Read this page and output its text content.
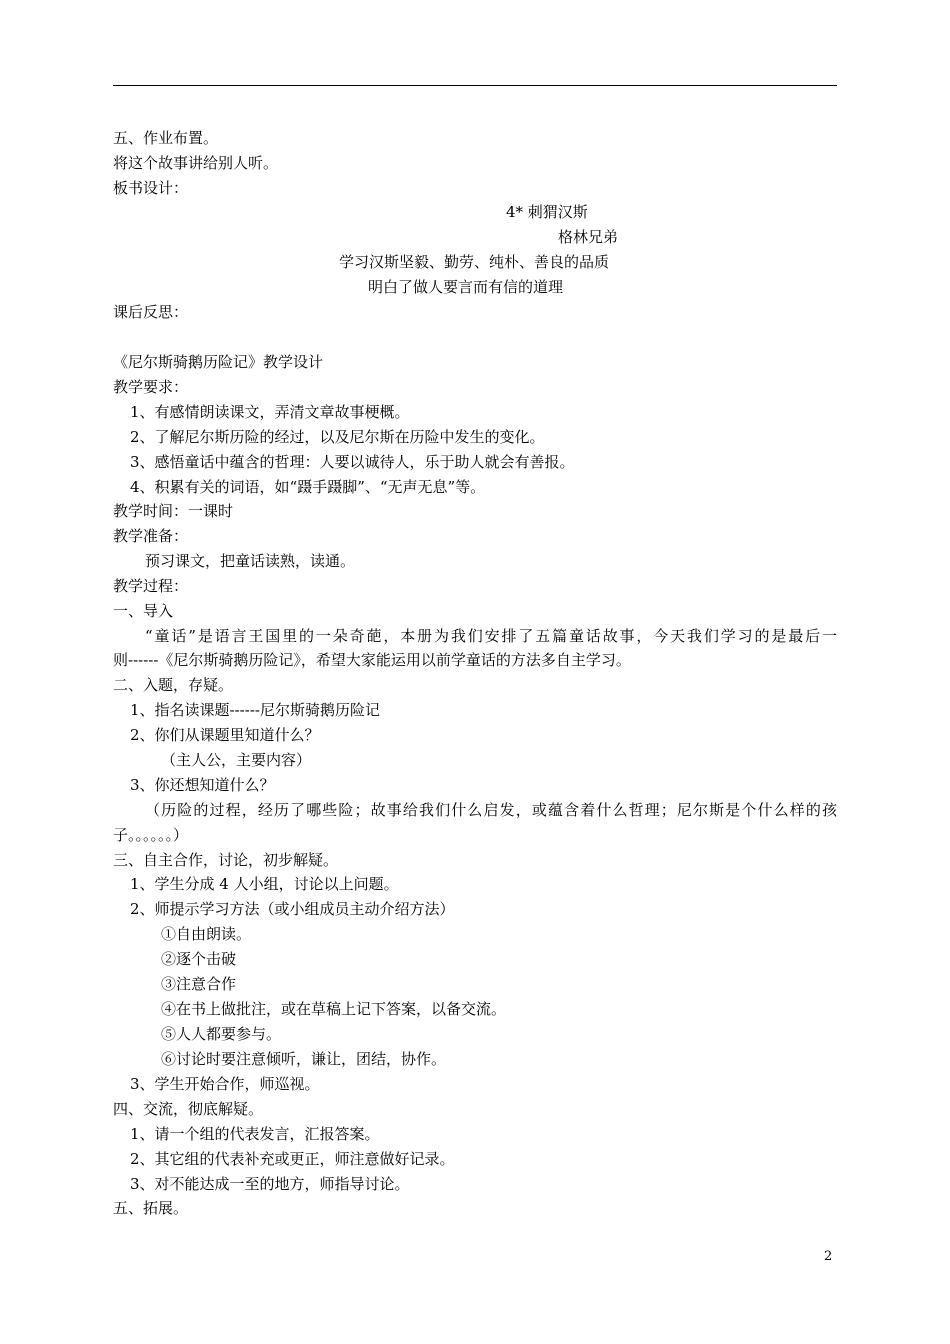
五、作业布置。
将这个故事讲给别人听。
板书设计：
4* 刺猬汉斯
格林兄弟
学习汉斯坚毅、勤劳、纯朴、善良的品质
明白了做人要言而有信的道理
课后反思：
《尼尔斯骑鹅历险记》教学设计
教学要求：
1、有感情朗读课文，弄清文章故事梗概。
2、了解尼尔斯历险的经过，以及尼尔斯在历险中发生的变化。
3、感悟童话中蕴含的哲理：人要以诚待人，乐于助人就会有善报。
4、积累有关的词语，如“蹑手蹑脚”、“无声无息”等。
教学时间：一课时
教学准备：
预习课文，把童话读熟，读通。
教学过程：
一、导入
“童话”是语言王国里的一朵奇葩，本册为我们安排了五篇童话故事，今天我们学习的是最后一
则------《尼尔斯骑鹅历险记》，希望大家能运用以前学童话的方法多自主学习。
二、入题，存疑。
1、指名读课题------尼尔斯骑鹅历险记
2、你们从课题里知道什么？
（主人公，主要内容）
3、你还想知道什么？
（历险的过程，经历了哪些险；故事给我们什么启发，或蕴含着什么哲理；尼尔斯是个什么样的孩
子。。。。。。）
三、自主合作，讨论，初步解疑。
1、学生分成 4 人小组，讨论以上问题。
2、师提示学习方法（或小组成员主动介绍方法）
①自由朗读。
②逐个击破
③注意合作
④在书上做批注，或在草稿上记下答案，以备交流。
⑤人人都要参与。
⑥讨论时要注意倾听，谦让，团结，协作。
3、学生开始合作，师巡视。
四、交流，彻底解疑。
1、请一个组的代表发言，汇报答案。
2、其它组的代表补充或更正，师注意做好记录。
3、对不能达成一至的地方，师指导讨论。
五、拓展。
2
